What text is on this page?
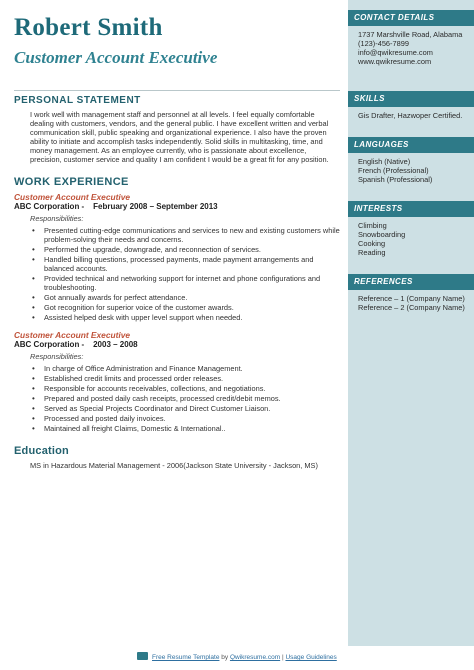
Robert Smith
Customer Account Executive
PERSONAL STATEMENT
I work well with management staff and personnel at all levels. I feel equally comfortable dealing with customers, vendors, and the general public. I have excellent written and verbal communication skill, public speaking and organizational experience. I also have the proven ability to initiate and accomplish tasks independently. Solid skills in multitasking, time, and money management. As an employee currently, who is passionate about excellence, precision, customer service and quality I am confident I would be a great fit for any position.
WORK EXPERIENCE
Customer Account Executive
ABC Corporation -    February 2008 – September 2013
Responsibilities:
• Presented cutting-edge communications and services to new and existing customers while problem-solving their needs and concerns.
• Performed the upgrade, downgrade, and reconnection of services.
• Handled billing questions, processed payments, made payment arrangements and balanced accounts.
• Provided technical and networking support for internet and phone configurations and troubleshooting.
• Got annually awards for perfect attendance.
• Got recognition for superior voice of the customer awards.
• Assisted helped desk with upper level support when needed.
Customer Account Executive
ABC Corporation -    2003 – 2008
Responsibilities:
• In charge of Office Administration and Finance Management.
• Established credit limits and processed order releases.
• Responsible for accounts receivables, collections, and negotiations.
• Prepared and posted daily cash receipts, processed credit/debit memos.
• Served as Special Projects Coordinator and Direct Customer Liaison.
• Processed and posted daily invoices.
• Maintained all freight Claims, Domestic & International..
Education
MS in Hazardous Material Management - 2006(Jackson State University - Jackson, MS)
CONTACT DETAILS
1737 Marshville Road, Alabama
(123)-456-7899
info@qwikresume.com
www.qwikresume.com
SKILLS
Gis Drafter, Hazwoper Certified.
LANGUAGES
English (Native)
French (Professional)
Spanish (Professional)
INTERESTS
Climbing
Snowboarding
Cooking
Reading
REFERENCES
Reference – 1 (Company Name)
Reference – 2 (Company Name)
Free Resume Template by Qwikresume.com | Usage Guidelines
